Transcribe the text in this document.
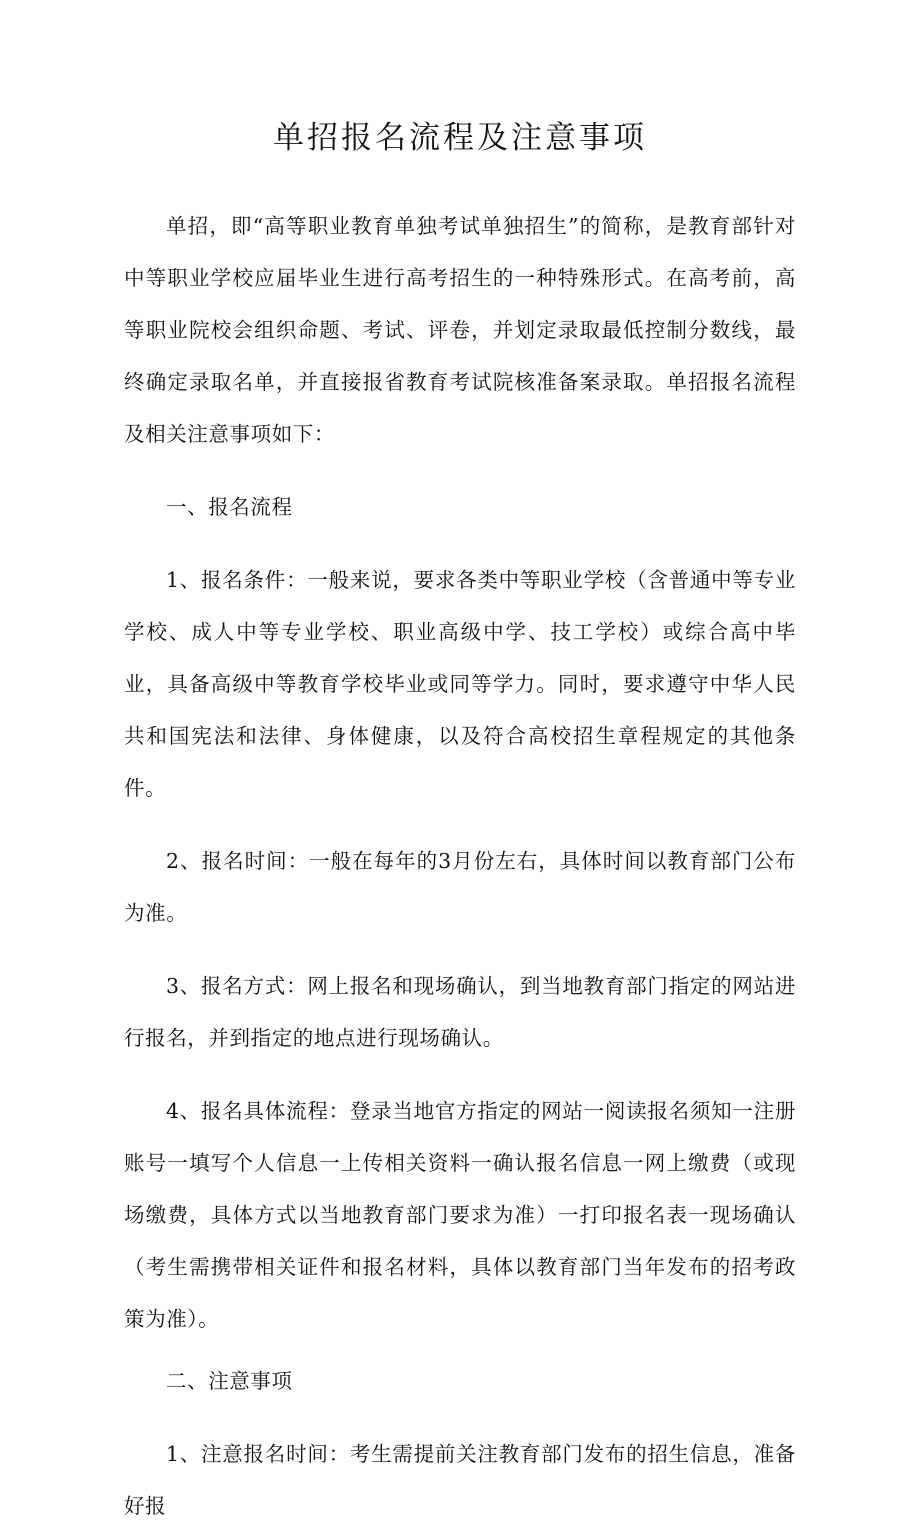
单招报名流程及注意事项

单招，即“高等职业教育单独考试单独招生”的简称，是教育部针对中等职业学校应届毕业生进行高考招生的一种特殊形式。在高考前，高等职业院校会组织命题、考试、评卷，并划定录取最低控制分数线，最终确定录取名单，并直接报省教育考试院核准备案录取。单招报名流程及相关注意事项如下：

一、报名流程

1、报名条件：一般来说，要求各类中等职业学校（含普通中等专业学校、成人中等专业学校、职业高级中学、技工学校）或综合高中毕业，具备高级中等教育学校毕业或同等学力。同时，要求遵守中华人民共和国宪法和法律、身体健康，以及符合高校招生章程规定的其他条件。

2、报名时间：一般在每年的3月份左右，具体时间以教育部门公布为准。

3、报名方式：网上报名和现场确认，到当地教育部门指定的网站进行报名，并到指定的地点进行现场确认。

4、报名具体流程：登录当地官方指定的网站一阅读报名须知一注册账号一填写个人信息一上传相关资料一确认报名信息一网上缴费（或现场缴费，具体方式以当地教育部门要求为准）一打印报名表一现场确认（考生需携带相关证件和报名材料，具体以教育部门当年发布的招考政策为准）。

二、注意事项

1、注意报名时间：考生需提前关注教育部门发布的招生信息，准备好报
